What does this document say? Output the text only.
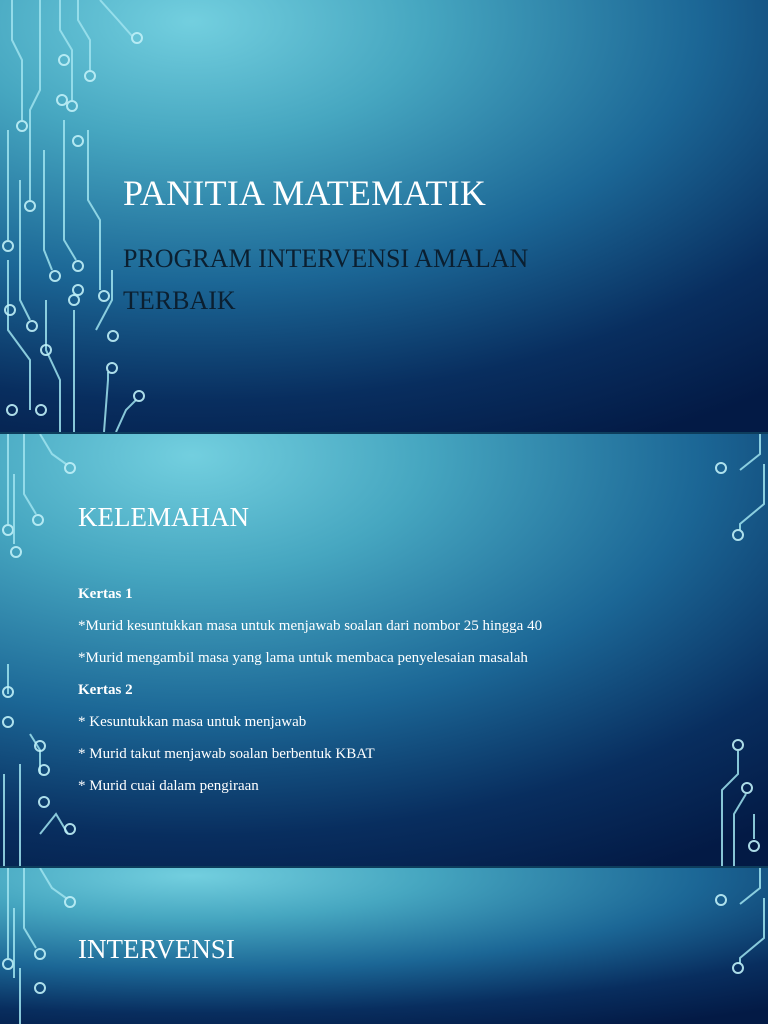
PANITIA MATEMATIK

PROGRAM INTERVENSI AMALAN TERBAIK

KELEMAHAN
Kertas 1
*Murid kesuntukkan masa untuk menjawab soalan dari nombor 25 hingga 40
*Murid mengambil masa yang lama untuk membaca penyelesaian masalah
Kertas 2
* Kesuntukkan masa untuk menjawab
* Murid takut menjawab soalan berbentuk KBAT
* Murid cuai dalam pengiraan
INTERVENSI
